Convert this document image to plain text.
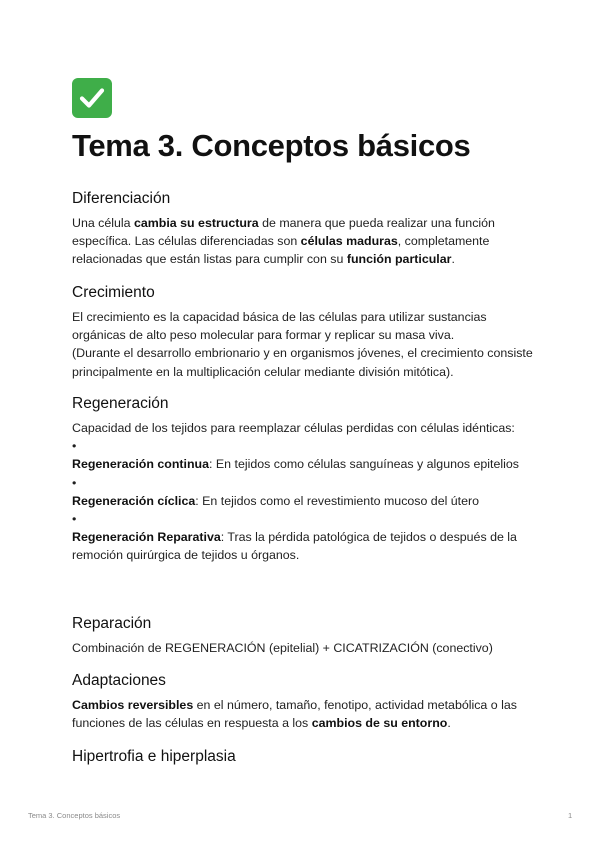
Tema 3. Conceptos básicos
Diferenciación

Una célula cambia su estructura de manera que pueda realizar una función específica. Las células diferenciadas son células maduras, completamente relacionadas que están listas para cumplir con su función particular.

Crecimiento

El crecimiento es la capacidad básica de las células para utilizar sustancias orgánicas de alto peso molecular para formar y replicar su masa viva.

(Durante el desarrollo embrionario y en organismos jóvenes, el crecimiento consiste principalmente en la multiplicación celular mediante división mitótica).

Regeneración

Capacidad de los tejidos para reemplazar células perdidas con células idénticas:

•

Regeneración continua: En tejidos como células sanguíneas y algunos epitelios

•

Regeneración cíclica: En tejidos como el revestimiento mucoso del útero

•

Regeneración Reparativa: Tras la pérdida patológica de tejidos o después de la remoción quirúrgica de tejidos u órganos.

Reparación

Combinación de REGENERACIÓN (epitelial) + CICATRIZACIÓN (conectivo)

Adaptaciones

Cambios reversibles en el número, tamaño, fenotipo, actividad metabólica o las funciones de las células en respuesta a los cambios de su entorno.

Hipertrofia e hiperplasia
Tema 3. Conceptos básicos	1
